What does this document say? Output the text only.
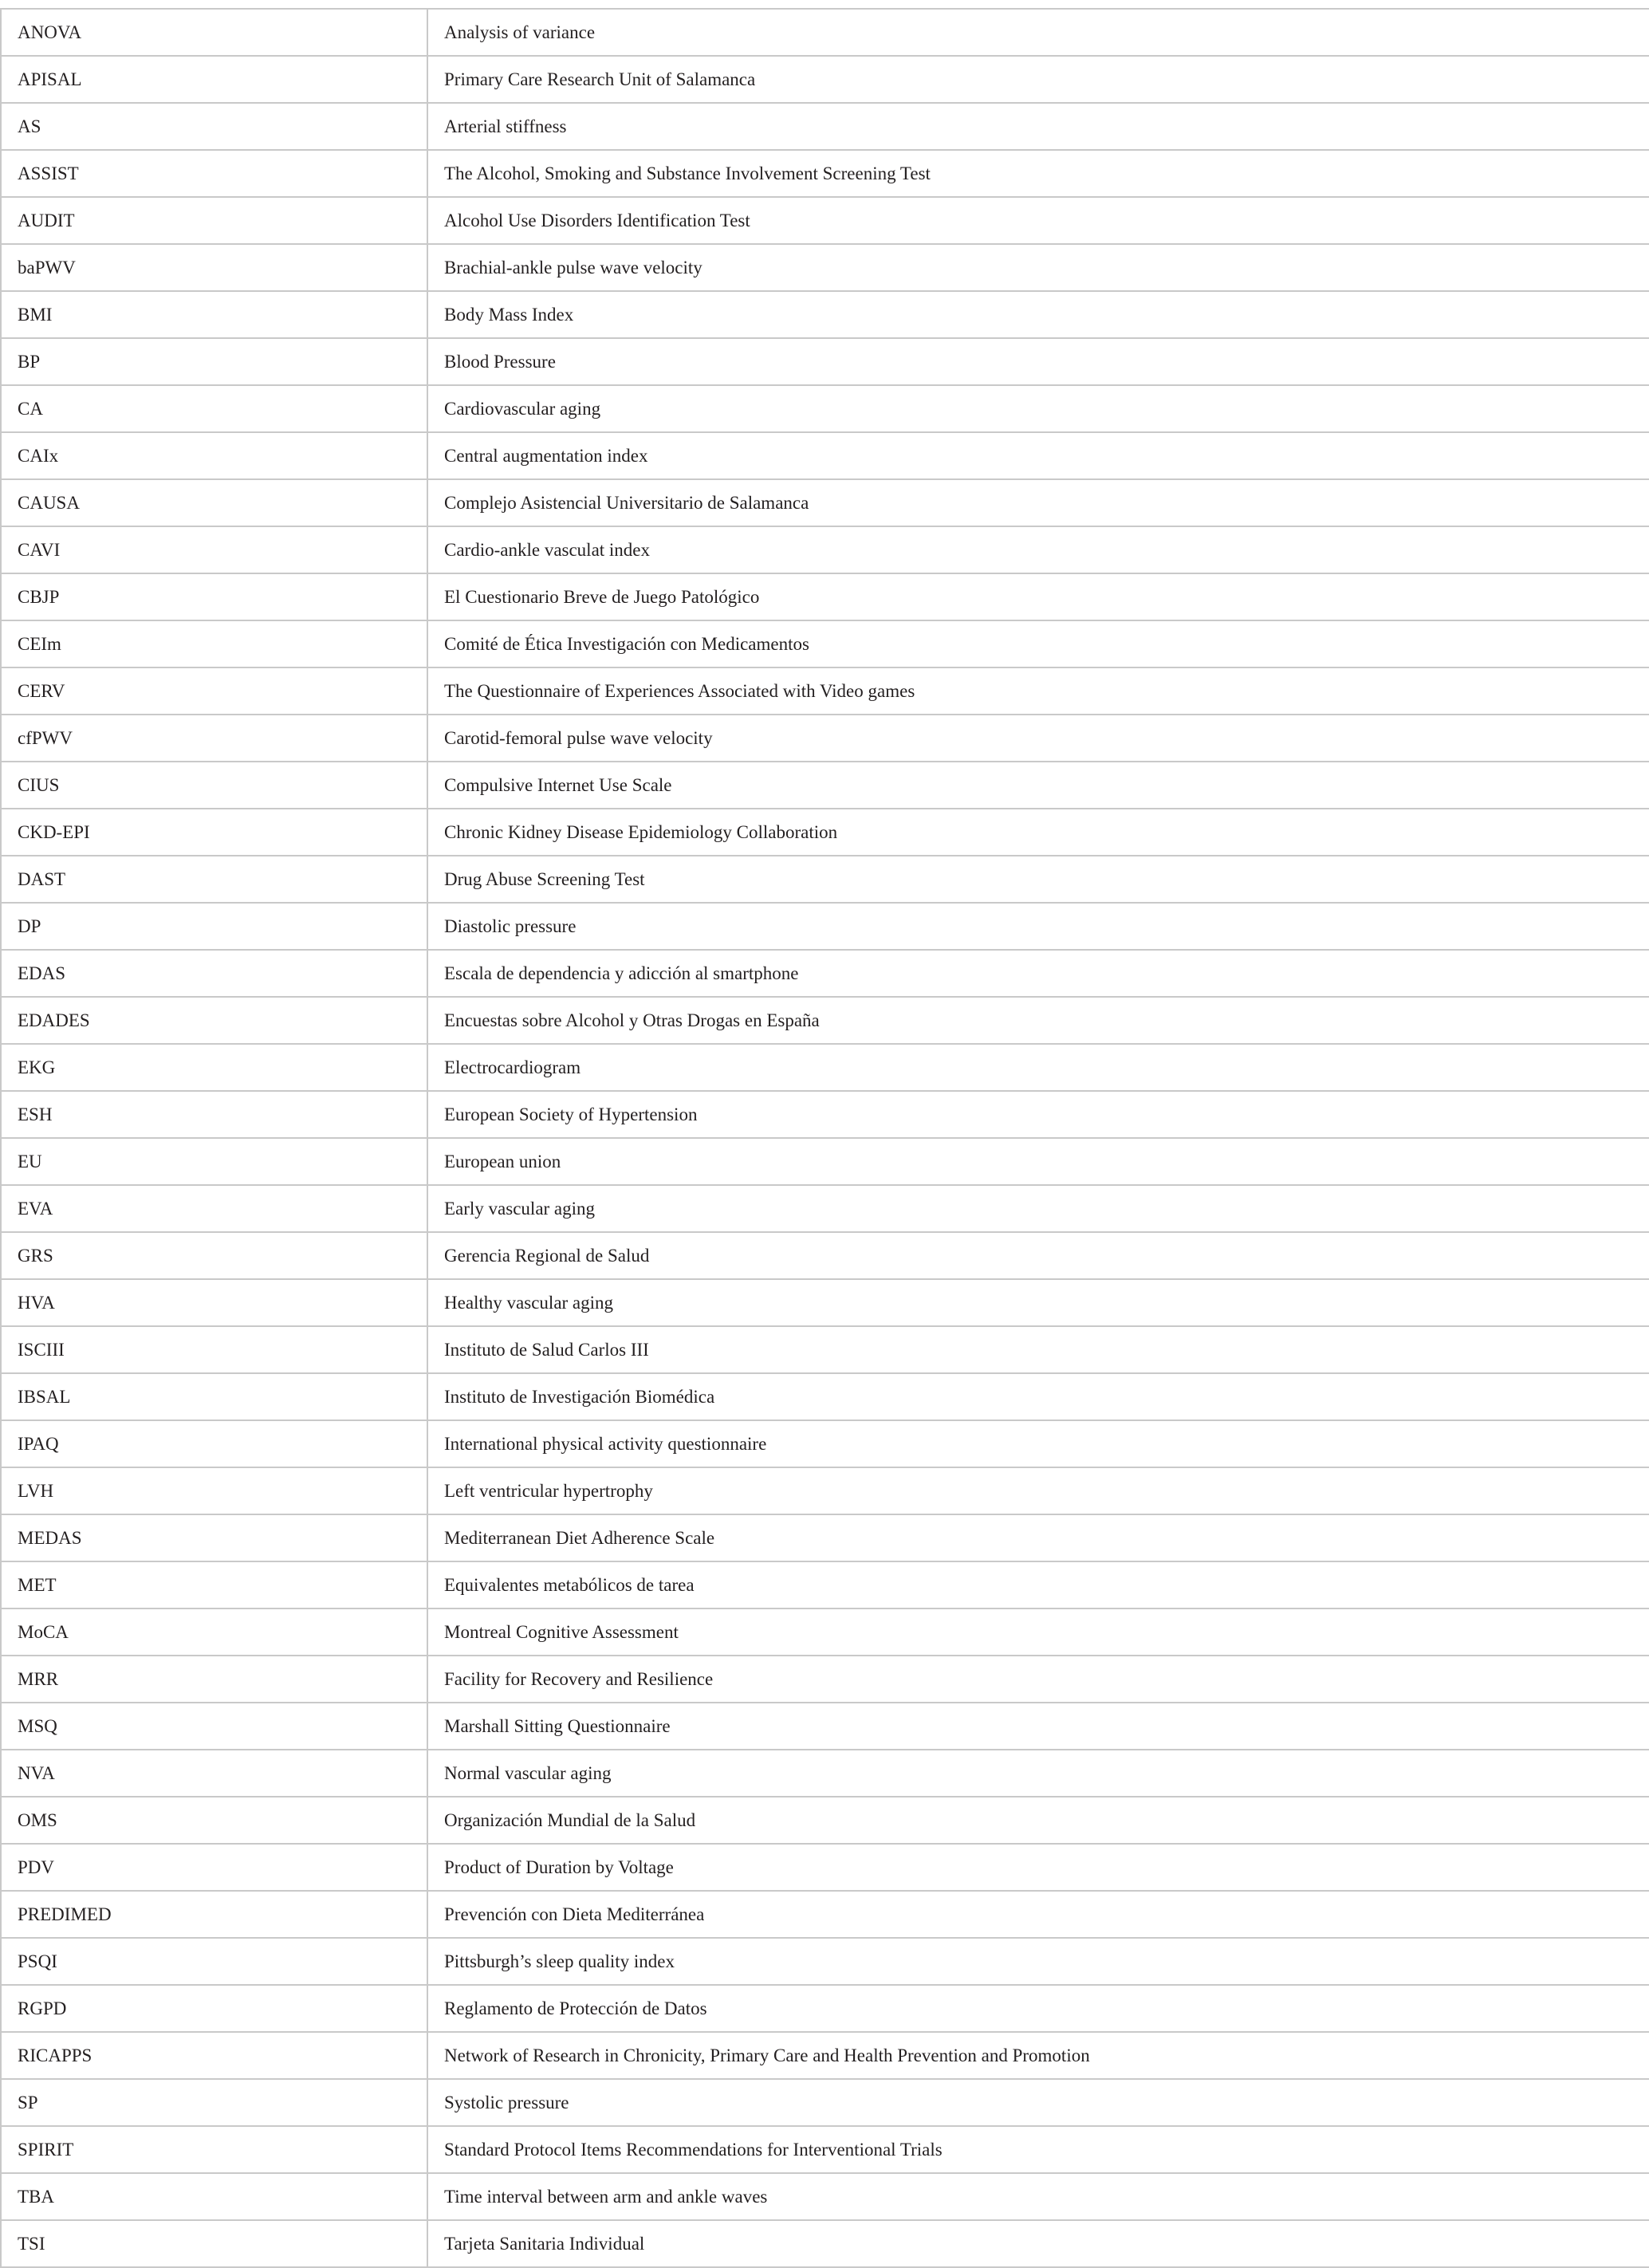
ANOVA	Analysis of variance
APISAL	Primary Care Research Unit of Salamanca
AS	Arterial stiffness
ASSIST	The Alcohol, Smoking and Substance Involvement Screening Test
AUDIT	Alcohol Use Disorders Identification Test
baPWV	Brachial-ankle pulse wave velocity
BMI	Body Mass Index
BP	Blood Pressure
CA	Cardiovascular aging
CAIx	Central augmentation index
CAUSA	Complejo Asistencial Universitario de Salamanca
CAVI	Cardio-ankle vasculat index
CBJP	El Cuestionario Breve de Juego Patológico
CEIm	Comité de Ética Investigación con Medicamentos
CERV	The Questionnaire of Experiences Associated with Video games
cfPWV	Carotid-femoral pulse wave velocity
CIUS	Compulsive Internet Use Scale
CKD-EPI	Chronic Kidney Disease Epidemiology Collaboration
DAST	Drug Abuse Screening Test
DP	Diastolic pressure
EDAS	Escala de dependencia y adicción al smartphone
EDADES	Encuestas sobre Alcohol y Otras Drogas en España
EKG	Electrocardiogram
ESH	European Society of Hypertension
EU	European union
EVA	Early vascular aging
GRS	Gerencia Regional de Salud
HVA	Healthy vascular aging
ISCIII	Instituto de Salud Carlos III
IBSAL	Instituto de Investigación Biomédica
IPAQ	International physical activity questionnaire
LVH	Left ventricular hypertrophy
MEDAS	Mediterranean Diet Adherence Scale
MET	Equivalentes metabólicos de tarea
MoCA	Montreal Cognitive Assessment
MRR	Facility for Recovery and Resilience
MSQ	Marshall Sitting Questionnaire
NVA	Normal vascular aging
OMS	Organización Mundial de la Salud
PDV	Product of Duration by Voltage
PREDIMED	Prevención con Dieta Mediterránea
PSQI	Pittsburgh’s sleep quality index
RGPD	Reglamento de Protección de Datos
RICAPPS	Network of Research in Chronicity, Primary Care and Health Prevention and Promotion
SP	Systolic pressure
SPIRIT	Standard Protocol Items Recommendations for Interventional Trials
TBA	Time interval between arm and ankle waves
TSI	Tarjeta Sanitaria Individual
